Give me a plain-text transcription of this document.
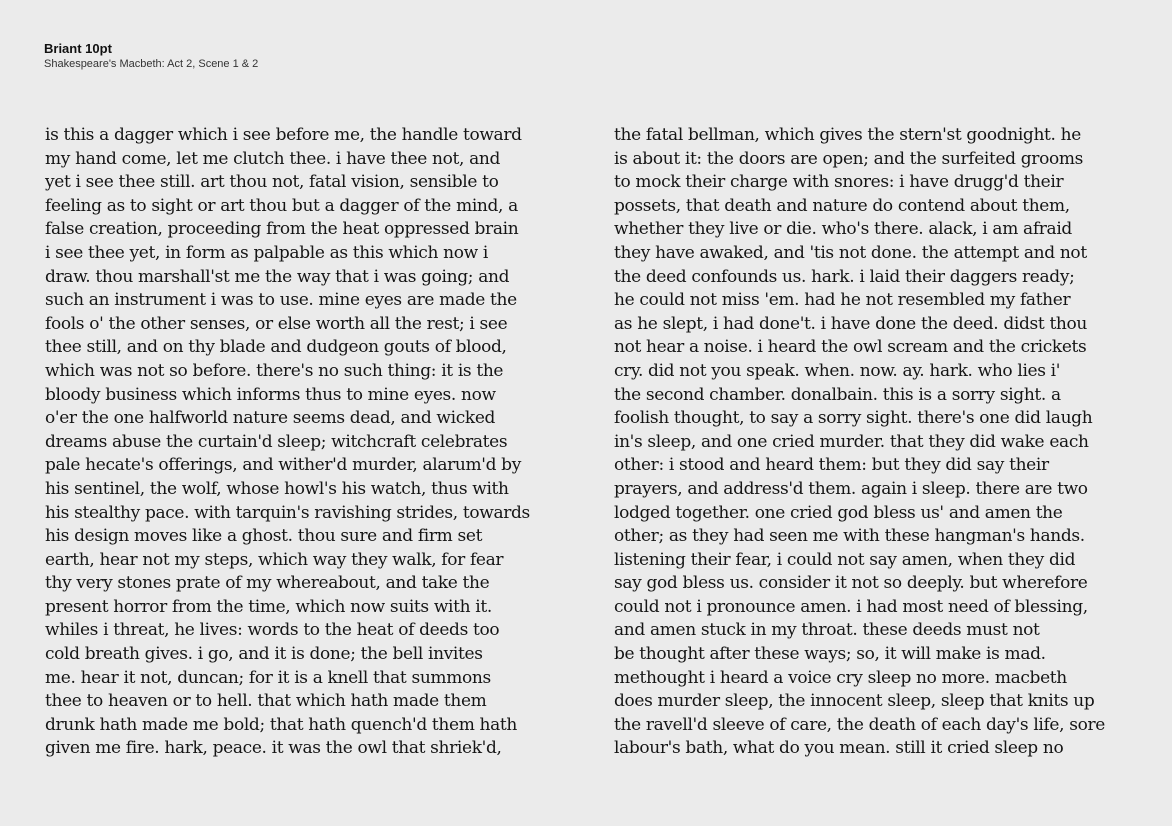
Briant 10pt
Shakespeare's Macbeth: Act 2, Scene 1 & 2
is this a dagger which i see before me, the handle toward
my hand come, let me clutch thee. i have thee not, and
yet i see thee still. art thou not, fatal vision, sensible to
feeling as to sight or art thou but a dagger of the mind, a
false creation, proceeding from the heat oppressed brain
i see thee yet, in form as palpable as this which now i
draw. thou marshall'st me the way that i was going; and
such an instrument i was to use. mine eyes are made the
fools o' the other senses, or else worth all the rest; i see
thee still, and on thy blade and dudgeon gouts of blood,
which was not so before. there's no such thing: it is the
bloody business which informs thus to mine eyes. now
o'er the one halfworld nature seems dead, and wicked
dreams abuse the curtain'd sleep; witchcraft celebrates
pale hecate's offerings, and wither'd murder, alarum'd by
his sentinel, the wolf, whose howl's his watch, thus with
his stealthy pace. with tarquin's ravishing strides, towards
his design moves like a ghost. thou sure and firm set
earth, hear not my steps, which way they walk, for fear
thy very stones prate of my whereabout, and take the
present horror from the time, which now suits with it.
whiles i threat, he lives: words to the heat of deeds too
cold breath gives. i go, and it is done; the bell invites
me. hear it not, duncan; for it is a knell that summons
thee to heaven or to hell. that which hath made them
drunk hath made me bold; that hath quench'd them hath
given me fire. hark, peace. it was the owl that shriek'd,
the fatal bellman, which gives the stern'st goodnight. he
is about it: the doors are open; and the surfeited grooms
to mock their charge with snores: i have drugg'd their
possets, that death and nature do contend about them,
whether they live or die. who's there. alack, i am afraid
they have awaked, and 'tis not done. the attempt and not
the deed confounds us. hark. i laid their daggers ready;
he could not miss 'em. had he not resembled my father
as he slept, i had done't. i have done the deed. didst thou
not hear a noise. i heard the owl scream and the crickets
cry. did not you speak. when. now. ay. hark. who lies i'
the second chamber. donalbain. this is a sorry sight. a
foolish thought, to say a sorry sight. there's one did laugh
in's sleep, and one cried murder. that they did wake each
other: i stood and heard them: but they did say their
prayers, and address'd them. again i sleep. there are two
lodged together. one cried god bless us' and amen the
other; as they had seen me with these hangman's hands.
listening their fear, i could not say amen, when they did
say god bless us. consider it not so deeply. but wherefore
could not i pronounce amen. i had most need of blessing,
and amen stuck in my throat. these deeds must not
be thought after these ways; so, it will make is mad.
methought i heard a voice cry sleep no more. macbeth
does murder sleep, the innocent sleep, sleep that knits up
the ravell'd sleeve of care, the death of each day's life, sore
labour's bath, what do you mean. still it cried sleep no
